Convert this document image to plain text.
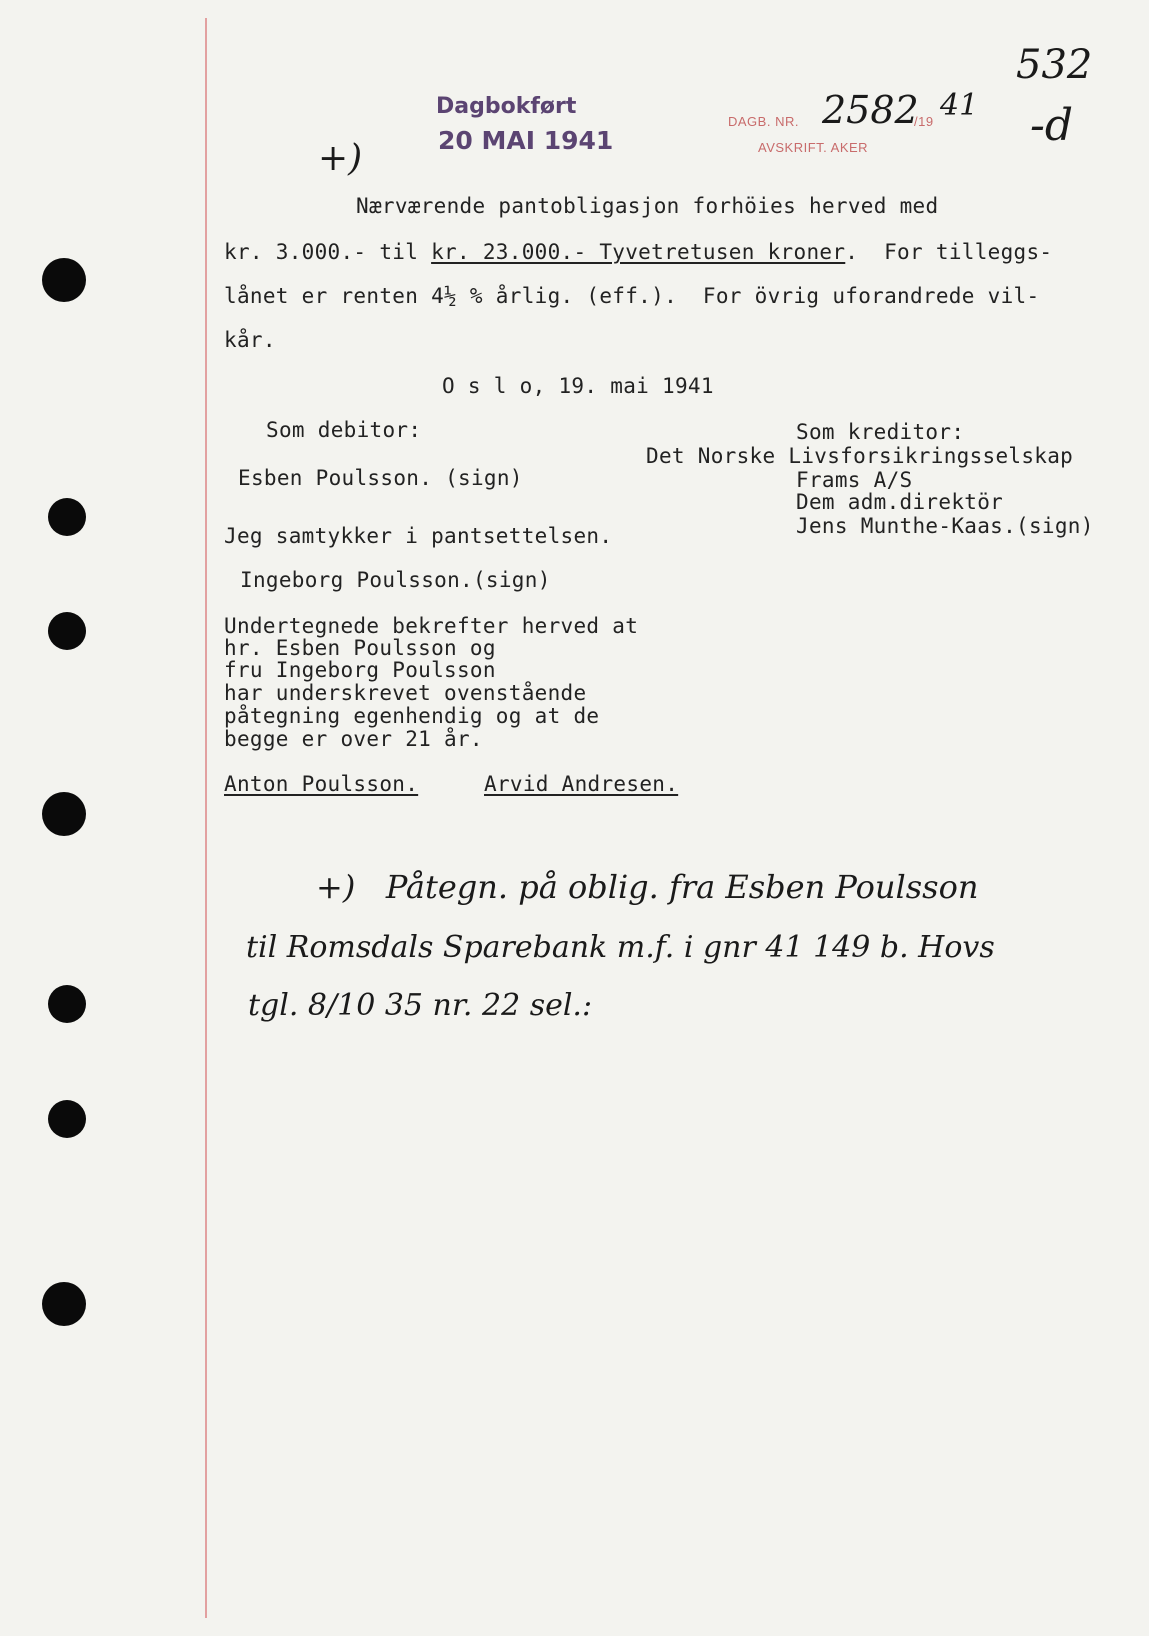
Dagbokført
20 MAI 1941
DAGB. NR. 2582
/19 41
AVSKRIFT. AKER
532
-d
+)
Nærværende pantobligasjon forhöies herved med
kr. 3.000.- til kr. 23.000.- Tyvetretusen kroner.  For tilleggs-
lånet er renten 4½ % årlig. (eff.).  For övrig uforandrede vil-
kår.
O s l o, 19. mai 1941
Som debitor:
Esben Poulsson. (sign)
Som kreditor:
Det Norske Livsforsikringsselskap
Frams A/S
Dem adm.direktör
Jens Munthe-Kaas.(sign)
Jeg samtykker i pantsettelsen.
Ingeborg Poulsson.(sign)
Undertegnede bekrefter herved at
hr. Esben Poulsson og
fru Ingeborg Poulsson
har underskrevet ovenstående
påtegning egenhendig og at de
begge er over 21 år.
Anton Poulsson.	Arvid Andresen.
+)   Påtegn. på oblig. fra Esben Poulsson
til Romsdals Sparebank m.f. i gnr 41 149 b. Hovs
tgl. 8/10 35 nr. 22 sel.:
